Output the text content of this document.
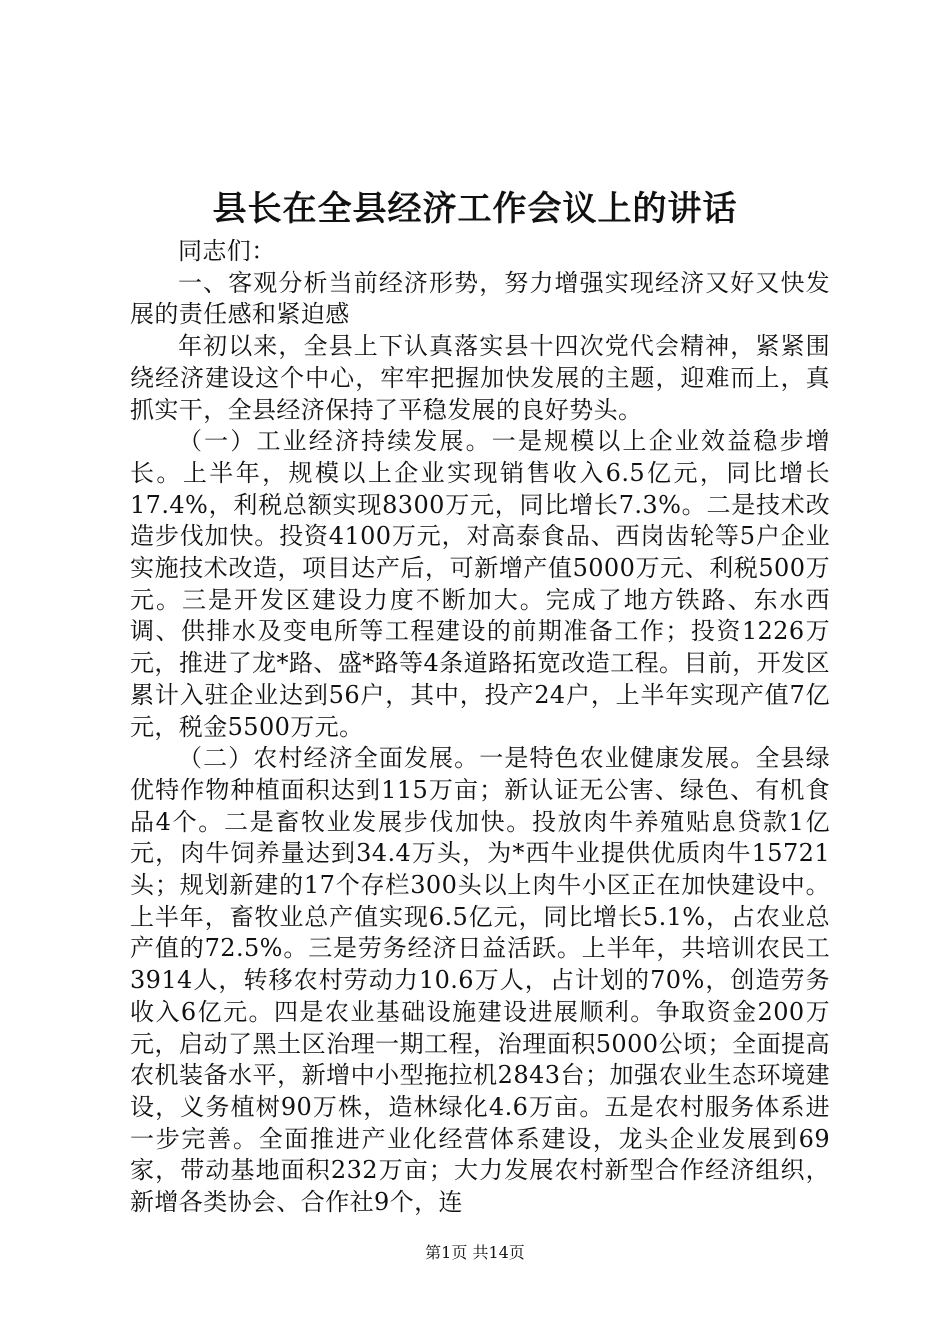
县长在全县经济工作会议上的讲话

同志们：

一、客观分析当前经济形势，努力增强实现经济又好又快发展的责任感和紧迫感

年初以来，全县上下认真落实县十四次党代会精神，紧紧围绕经济建设这个中心，牢牢把握加快发展的主题，迎难而上，真抓实干，全县经济保持了平稳发展的良好势头。

（一）工业经济持续发展。一是规模以上企业效益稳步增长。上半年，规模以上企业实现销售收入6.5亿元，同比增长17.4%，利税总额实现8300万元，同比增长7.3%。二是技术改造步伐加快。投资4100万元，对高泰食品、西岗齿轮等5户企业实施技术改造，项目达产后，可新增产值5000万元、利税500万元。三是开发区建设力度不断加大。完成了地方铁路、东水西调、供排水及变电所等工程建设的前期准备工作；投资1226万元，推进了龙*路、盛*路等4条道路拓宽改造工程。目前，开发区累计入驻企业达到56户，其中，投产24户，上半年实现产值7亿元，税金5500万元。

（二）农村经济全面发展。一是特色农业健康发展。全县绿优特作物种植面积达到115万亩；新认证无公害、绿色、有机食品4个。二是畜牧业发展步伐加快。投放肉牛养殖贴息贷款1亿元，肉牛饲养量达到34.4万头，为*西牛业提供优质肉牛15721头；规划新建的17个存栏300头以上肉牛小区正在加快建设中。上半年，畜牧业总产值实现6.5亿元，同比增长5.1%，占农业总产值的72.5%。三是劳务经济日益活跃。上半年，共培训农民工3914人，转移农村劳动力10.6万人，占计划的70%，创造劳务收入6亿元。四是农业基础设施建设进展顺利。争取资金200万元，启动了黑土区治理一期工程，治理面积5000公顷；全面提高农机装备水平，新增中小型拖拉机2843台；加强农业生态环境建设，义务植树90万株，造林绿化4.6万亩。五是农村服务体系进一步完善。全面推进产业化经营体系建设，龙头企业发展到69家，带动基地面积232万亩；大力发展农村新型合作经济组织，新增各类协会、合作社9个，连

第1页 共14页
